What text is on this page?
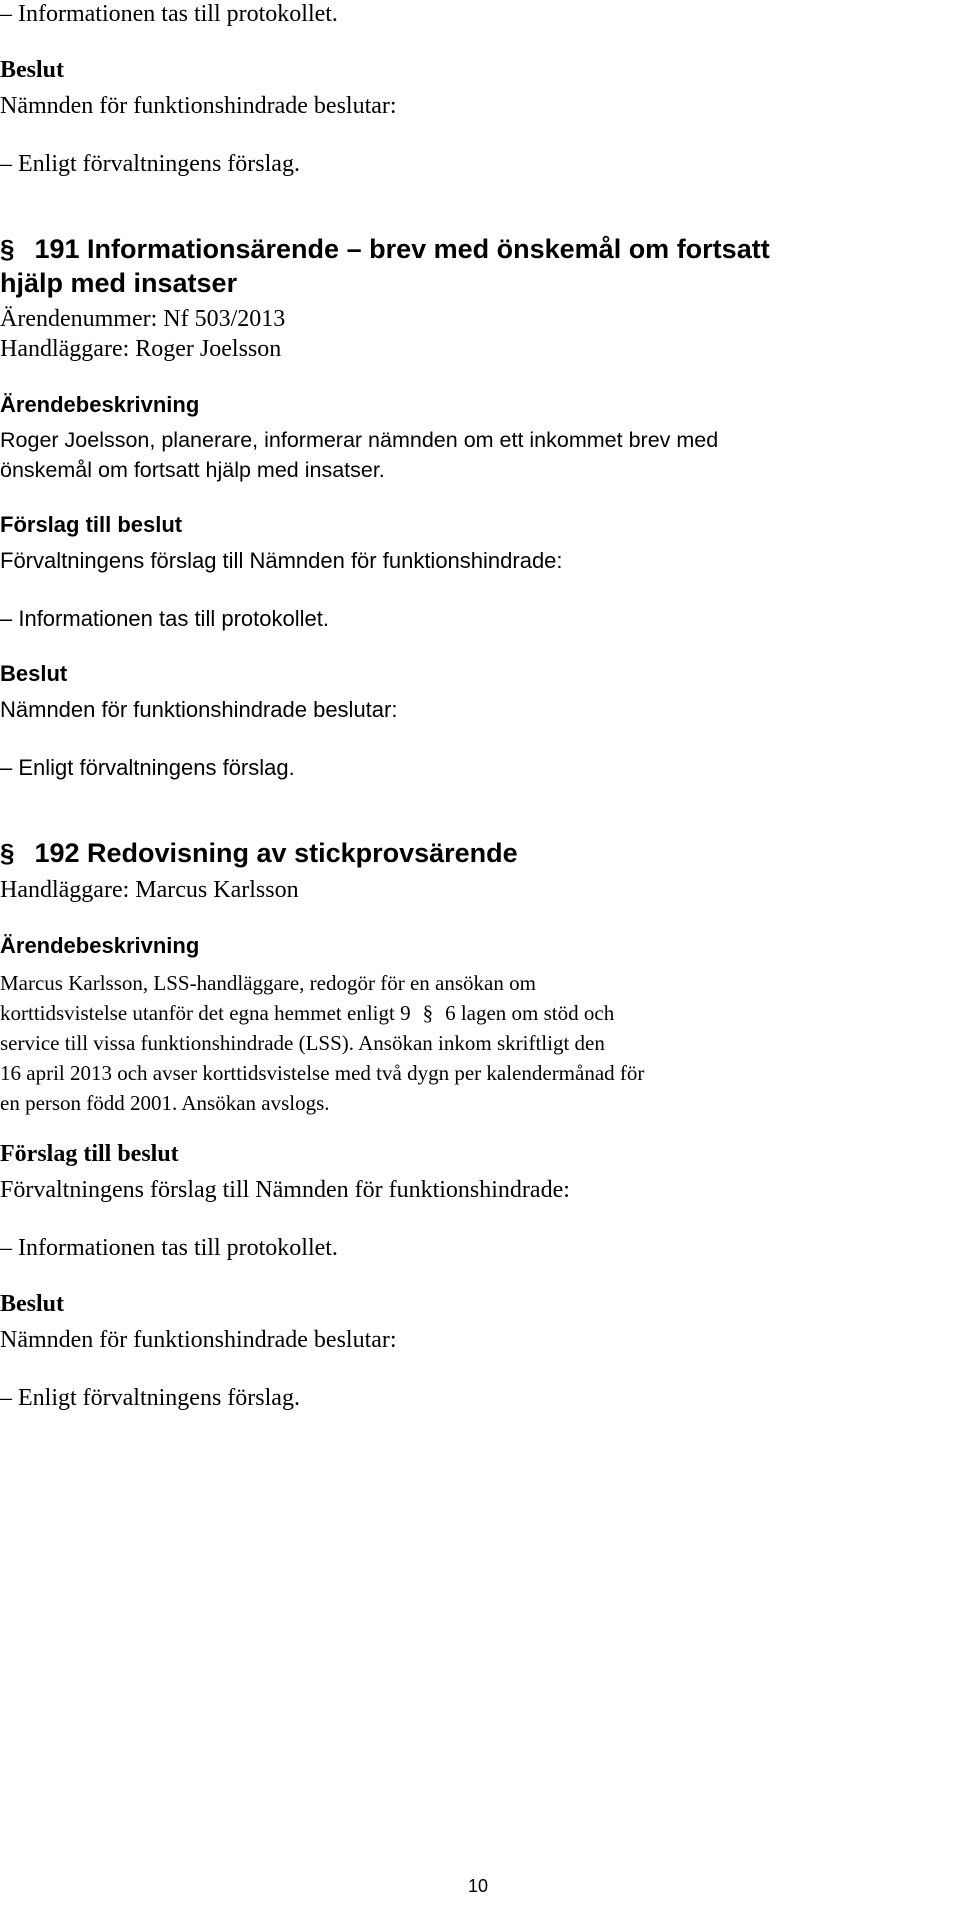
– Informationen tas till protokollet.
Beslut
Nämnden för funktionshindrade beslutar:
– Enligt förvaltningens förslag.
§ 191 Informationsärende – brev med önskemål om fortsatt
hjälp med insatser
Ärendenummer: Nf 503/2013
Handläggare: Roger Joelsson
Ärendebeskrivning
Roger Joelsson, planerare, informerar nämnden om ett inkommet brev med
önskemål om fortsatt hjälp med insatser.
Förslag till beslut
Förvaltningens förslag till Nämnden för funktionshindrade:
– Informationen tas till protokollet.
Beslut
Nämnden för funktionshindrade beslutar:
– Enligt förvaltningens förslag.
§ 192 Redovisning av stickprovsärende
Handläggare: Marcus Karlsson
Ärendebeskrivning
Marcus Karlsson, LSS-handläggare, redogör för en ansökan om
korttidsvistelse utanför det egna hemmet enligt 9 § 6 lagen om stöd och
service till vissa funktionshindrade (LSS). Ansökan inkom skriftligt den
16 april 2013 och avser korttidsvistelse med två dygn per kalendermånad för
en person född 2001. Ansökan avslogs.
Förslag till beslut
Förvaltningens förslag till Nämnden för funktionshindrade:
– Informationen tas till protokollet.
Beslut
Nämnden för funktionshindrade beslutar:
– Enligt förvaltningens förslag.
10
